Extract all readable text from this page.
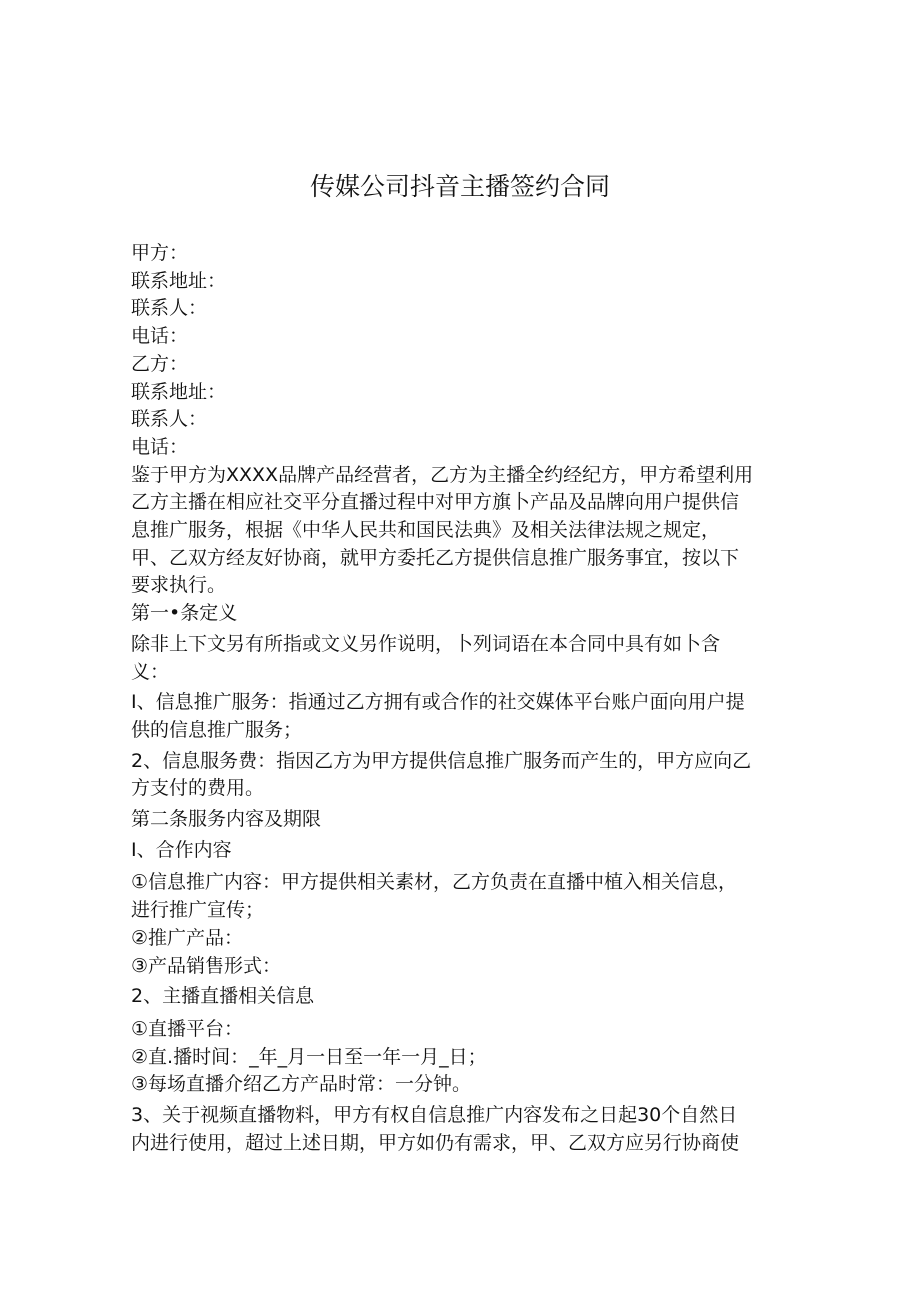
传媒公司抖音主播签约合同
甲方：
联系地址：
联系人：
电话：
乙方：
联系地址：
联系人：
电话：
鉴于甲方为XXXX品牌产品经营者，乙方为主播全约经纪方，甲方希望利用
乙方主播在相应社交平分直播过程中对甲方旗卜产品及品牌向用户提供信
息推广服务，根据《中华人民共和国民法典》及相关法律法规之规定，
甲、乙双方经友好协商，就甲方委托乙方提供信息推广服务事宜，按以下
要求执行。
第一•条定义
除非上下文另有所指或文义另作说明，卜列词语在本合同中具有如卜含
义：
I、信息推广服务：指通过乙方拥有或合作的社交媒体平台账户面向用户提
供的信息推广服务；
2、信息服务费：指因乙方为甲方提供信息推广服务而产生的，甲方应向乙
方支付的费用。
第二条服务内容及期限
I、合作内容
①信息推广内容：甲方提供相关素材，乙方负责在直播中植入相关信息，
进行推广宣传；
②推广产品：
③产品销售形式：
2、主播直播相关信息
①直播平台：
②直.播时间：_年_月一日至一年一月_日；
③每场直播介绍乙方产品时常：一分钟。
3、关于视频直播物料，甲方有权自信息推广内容发布之日起30个自然日
内进行使用，超过上述日期，甲方如仍有需求，甲、乙双方应另行协商使
